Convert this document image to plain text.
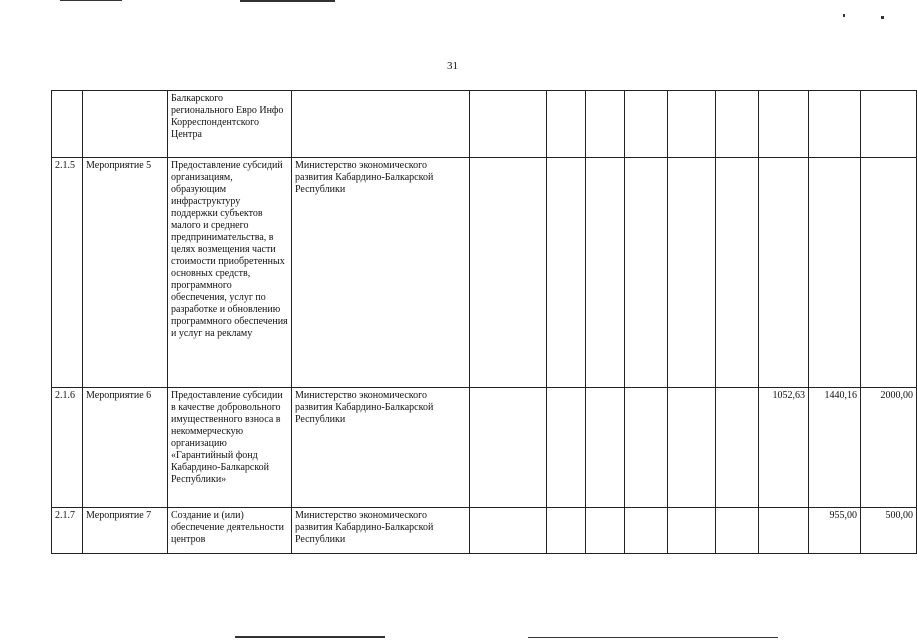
31
		Балкарского регионального Евро Инфо Корреспондентского Центра										
2.1.5	Мероприятие 5	Предоставление субсидий организациям, образующим инфраструктуру поддержки субъектов малого и среднего предпринимательства, в целях возмещения части стоимости приобретенных основных средств, программного обеспечения, услуг по разработке и обновлению программного обеспечения и услуг на рекламу	Министерство экономического развития Кабардино-Балкарской Республики									
2.1.6	Мероприятие 6	Предоставление субсидии в качестве добровольного имущественного взноса в некоммерческую организацию «Гарантийный фонд Кабардино-Балкарской Республики»	Министерство экономического развития Кабардино-Балкарской Республики							1052,63	1440,16	2000,00
2.1.7	Мероприятие 7	Создание и (или) обеспечение деятельности центров	Министерство экономического развития Кабардино-Балкарской Республики								955,00	500,00
